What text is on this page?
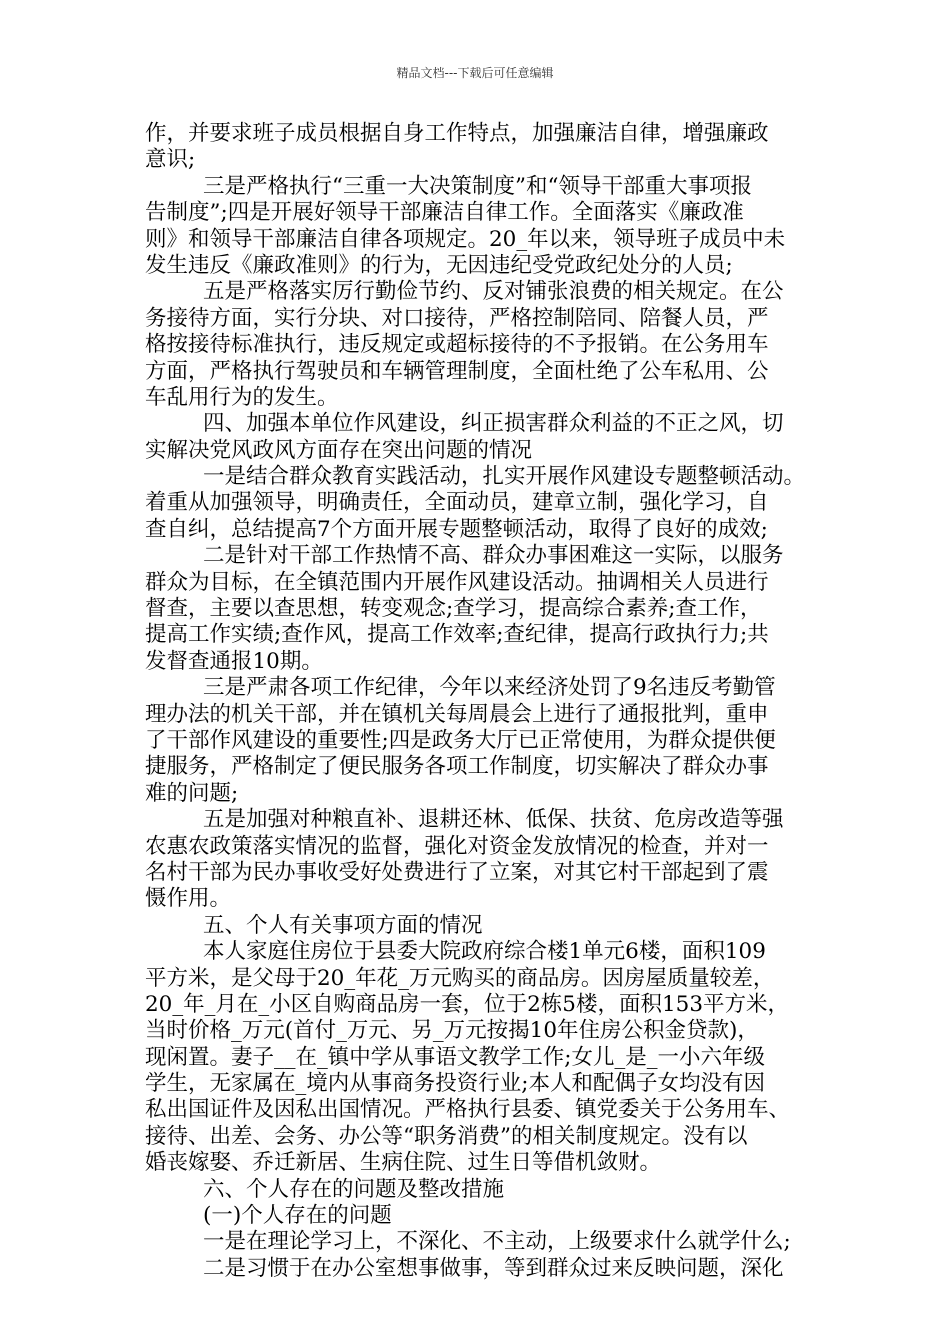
精品文档---下载后可任意编辑
作，并要求班子成员根据自身工作特点，加强廉洁自律，增强廉政
意识;
三是严格执行“三重一大决策制度”和“领导干部重大事项报
告制度”;四是开展好领导干部廉洁自律工作。全面落实《廉政准
则》和领导干部廉洁自律各项规定。20_年以来，领导班子成员中未
发生违反《廉政准则》的行为，无因违纪受党政纪处分的人员;
五是严格落实厉行勤俭节约、反对铺张浪费的相关规定。在公
务接待方面，实行分块、对口接待，严格控制陪同、陪餐人员，严
格按接待标准执行，违反规定或超标接待的不予报销。在公务用车
方面，严格执行驾驶员和车辆管理制度，全面杜绝了公车私用、公
车乱用行为的发生。
四、加强本单位作风建设，纠正损害群众利益的不正之风，切
实解决党风政风方面存在突出问题的情况
一是结合群众教育实践活动，扎实开展作风建设专题整顿活动。
着重从加强领导，明确责任，全面动员，建章立制，强化学习，自
查自纠，总结提高7个方面开展专题整顿活动，取得了良好的成效;
二是针对干部工作热情不高、群众办事困难这一实际，以服务
群众为目标，在全镇范围内开展作风建设活动。抽调相关人员进行
督查，主要以查思想，转变观念;查学习，提高综合素养;查工作，
提高工作实绩;查作风，提高工作效率;查纪律，提高行政执行力;共
发督查通报10期。
三是严肃各项工作纪律，今年以来经济处罚了9名违反考勤管
理办法的机关干部，并在镇机关每周晨会上进行了通报批判，重申
了干部作风建设的重要性;四是政务大厅已正常使用，为群众提供便
捷服务，严格制定了便民服务各项工作制度，切实解决了群众办事
难的问题;
五是加强对种粮直补、退耕还林、低保、扶贫、危房改造等强
农惠农政策落实情况的监督，强化对资金发放情况的检查，并对一
名村干部为民办事收受好处费进行了立案，对其它村干部起到了震
慑作用。
五、个人有关事项方面的情况
本人家庭住房位于县委大院政府综合楼1单元6楼，面积109
平方米，是父母于20_年花_万元购买的商品房。因房屋质量较差，
20_年_月在_小区自购商品房一套，位于2栋5楼，面积153平方米，
当时价格_万元(首付_万元、另_万元按揭10年住房公积金贷款)，
现闲置。妻子__在_镇中学从事语文教学工作;女儿_是_一小六年级
学生，无家属在_境内从事商务投资行业;本人和配偶子女均没有因
私出国证件及因私出国情况。严格执行县委、镇党委关于公务用车、
接待、出差、会务、办公等“职务消费”的相关制度规定。没有以
婚丧嫁娶、乔迁新居、生病住院、过生日等借机敛财。
六、个人存在的问题及整改措施
(一)个人存在的问题
一是在理论学习上，不深化、不主动，上级要求什么就学什么;
二是习惯于在办公室想事做事，等到群众过来反映问题，深化
